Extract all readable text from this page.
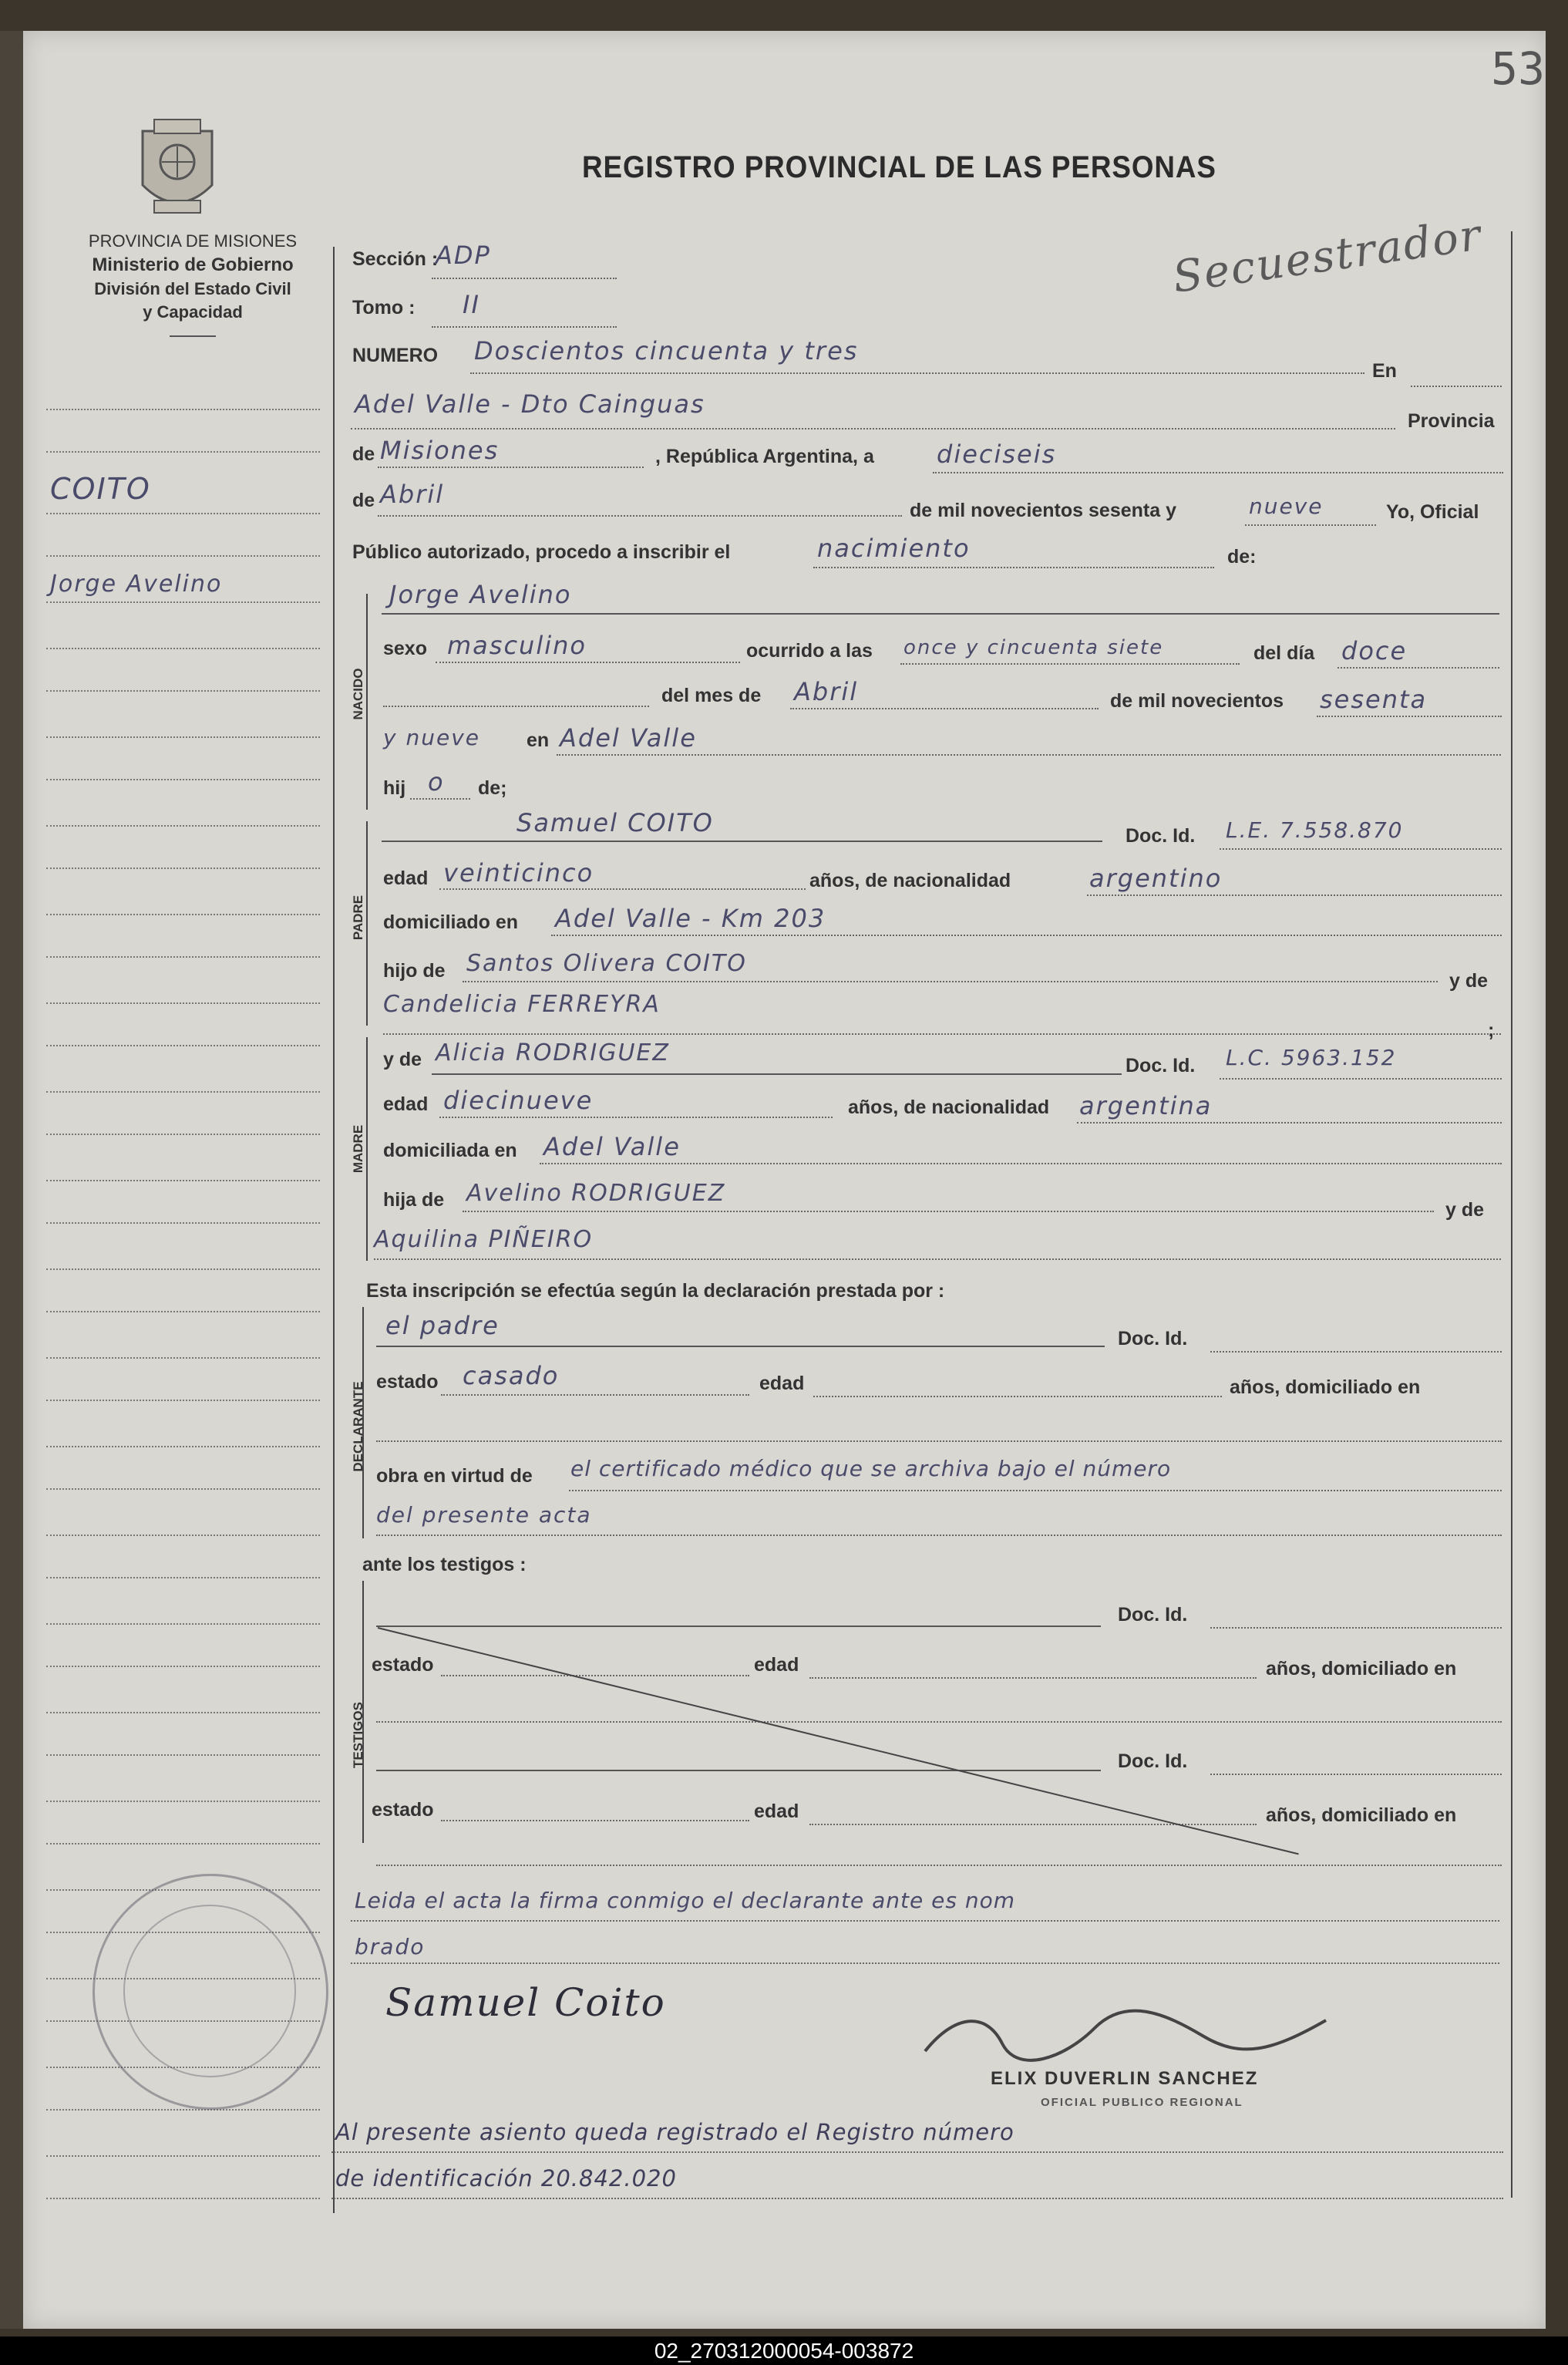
53
PROVINCIA DE MISIONES
Ministerio de Gobierno
División del Estado Civil
y Capacidad
REGISTRO PROVINCIAL DE LAS PERSONAS
COITO
Jorge Avelino
Sección :
ADP
Tomo : II
NUMERO Doscientos cincuenta y tres
En
Adel Valle - Dto Cainguas
Provincia
de Misiones	, República Argentina, a	dieciseis
de Abril
de mil novecientos sesenta y	nueve	Yo, Oficial
Público autorizado, procedo a inscribir el	nacimiento	de:
NACIDO
Jorge Avelino
sexo masculino	ocurrido a las once y cincuenta siete	del día doce
del mes de Abril	de mil novecientos sesenta
y nueve en Adel Valle
hij o de;
PADRE
Samuel COITO	Doc. Id. L.E. 7.558.870
edad veinticinco	años, de nacionalidad	argentino
domiciliado en Adel Valle - Km 203
hijo de Santos Olivera COITO
y de
Candelicia FERREYRA
;
MADRE
y de Alicia RODRIGUEZ	Doc. Id. L.C. 5963.152
edad diecinueve	años, de nacionalidad argentina
domiciliada en Adel Valle
hija de Avelino RODRIGUEZ
y de
Aquilina PIÑEIRO
Esta inscripción se efectúa según la declaración prestada por :
DECLARANTE
el padre	Doc. Id.
estado casado	edad	años, domiciliado en
obra en virtud de el certificado médico que se archiva bajo el número
del presente acta
ante los testigos :
TESTIGOS
Doc. Id.
estado	edad	años, domiciliado en
Doc. Id.
estado	edad	años, domiciliado en
Leida el acta la firma conmigo el declarante ante es nom
brado
Samuel Coito
ELIX DUVERLIN SANCHEZ
OFICIAL PUBLICO REGIONAL
Al presente asiento queda registrado el Registro número
de identificación 20.842.020
Secuestrador
02_270312000054-003872
